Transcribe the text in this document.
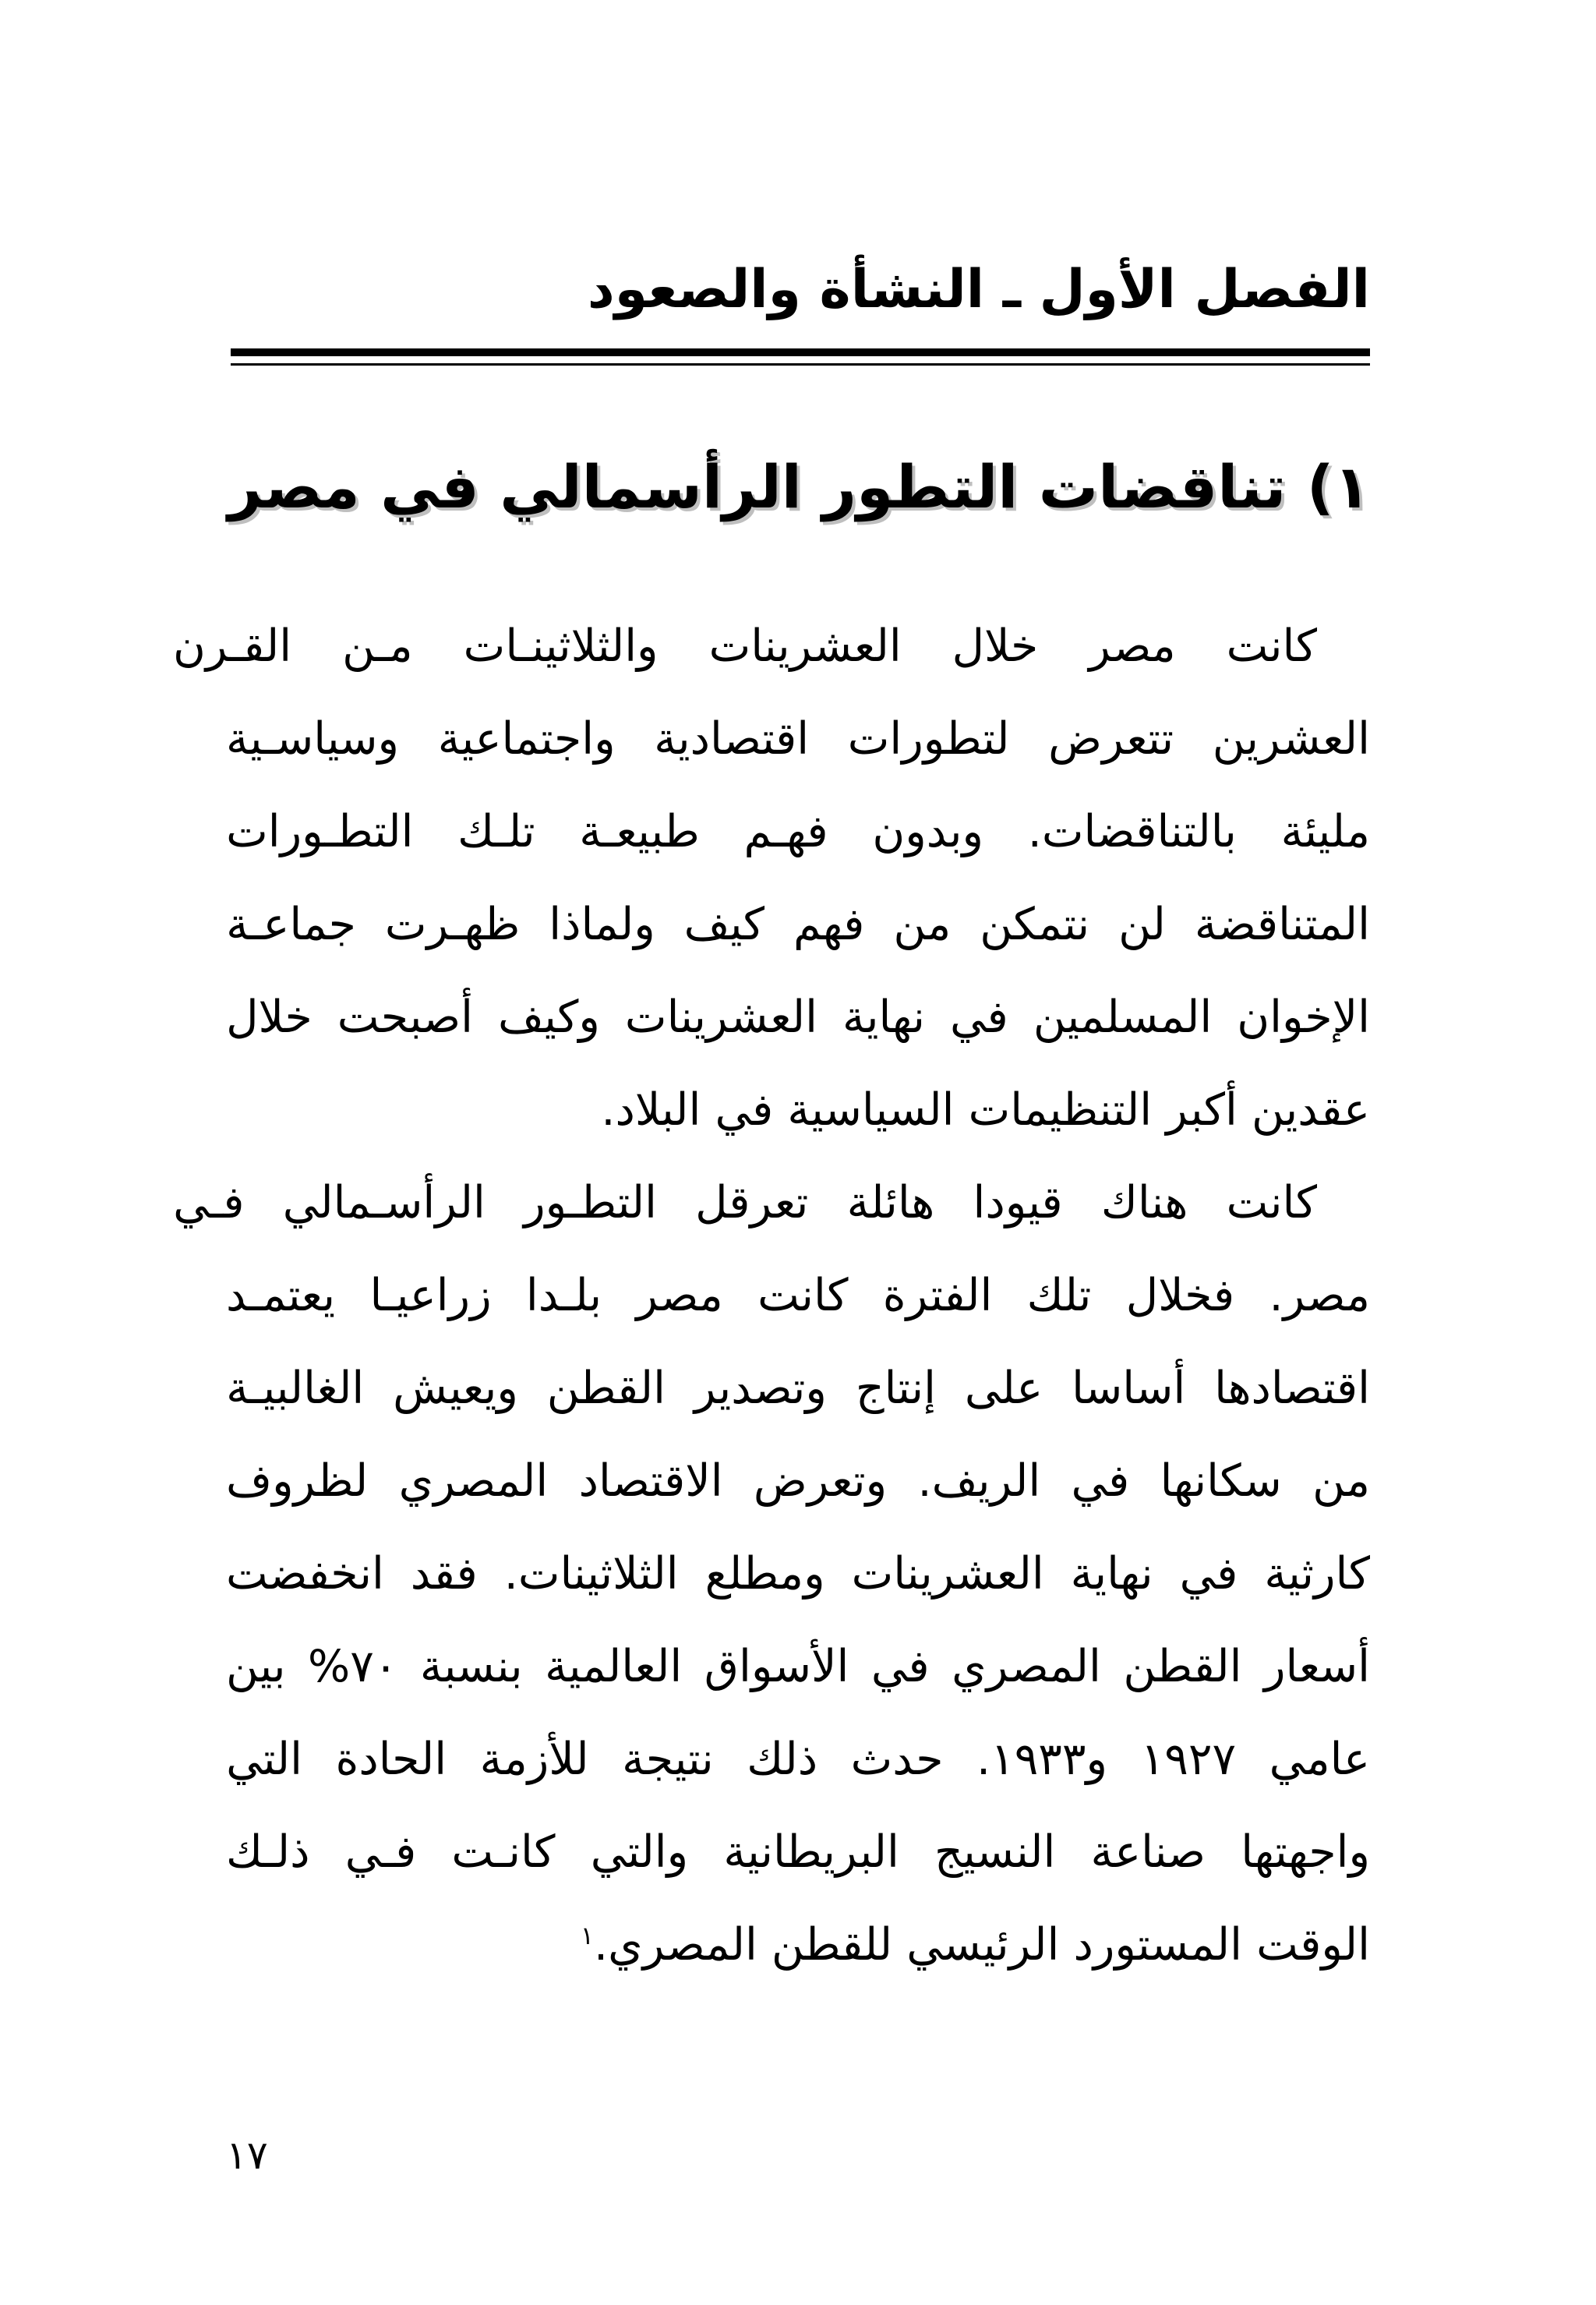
الفصل الأول ـ النشأة والصعود
١) تناقضات التطور الرأسمالي في مصر

كانت
مصر
خلال
العشرينات
والثلاثينـات
مـن
القـرن
العشرين
تتعرض
لتطورات
اقتصادية
واجتماعية
وسياسـية
مليئة
بالتناقضات.
وبدون
فهـم
طبيعـة
تلـك
التطـورات
المتناقضة
لن
نتمكن
من
فهم
كيف
ولماذا
ظهـرت
جماعـة
الإخوان
المسلمين
في
نهاية
العشرينات
وكيف
أصبحت
خلال
عقدين أكبر التنظيمات السياسية في البلاد.

كانت
هناك
قيودا
هائلة
تعرقل
التطـور
الرأسـمالي
فـي
مصر.
فخلال
تلك
الفترة
كانت
مصر
بلـدا
زراعيـا
يعتمـد
اقتصادها
أساسا
على
إنتاج
وتصدير
القطن
ويعيش
الغالبيـة
من
سكانها
في
الريف.
وتعرض
الاقتصاد
المصري
لظروف
كارثية
في
نهاية
العشرينات
ومطلع
الثلاثينات.
فقد
انخفضت
أسعار
القطن
المصري
في
الأسواق
العالمية
بنسبة
٧٠%
بين
عامي
١٩٢٧
و١٩٣٣.
حدث
ذلك
نتيجة
للأزمة
الحادة
التي
واجهتها
صناعة
النسيج
البريطانية
والتي
كانـت
فـي
ذلـك
الوقت المستورد الرئيسي للقطن المصري.$^١$

١٧
